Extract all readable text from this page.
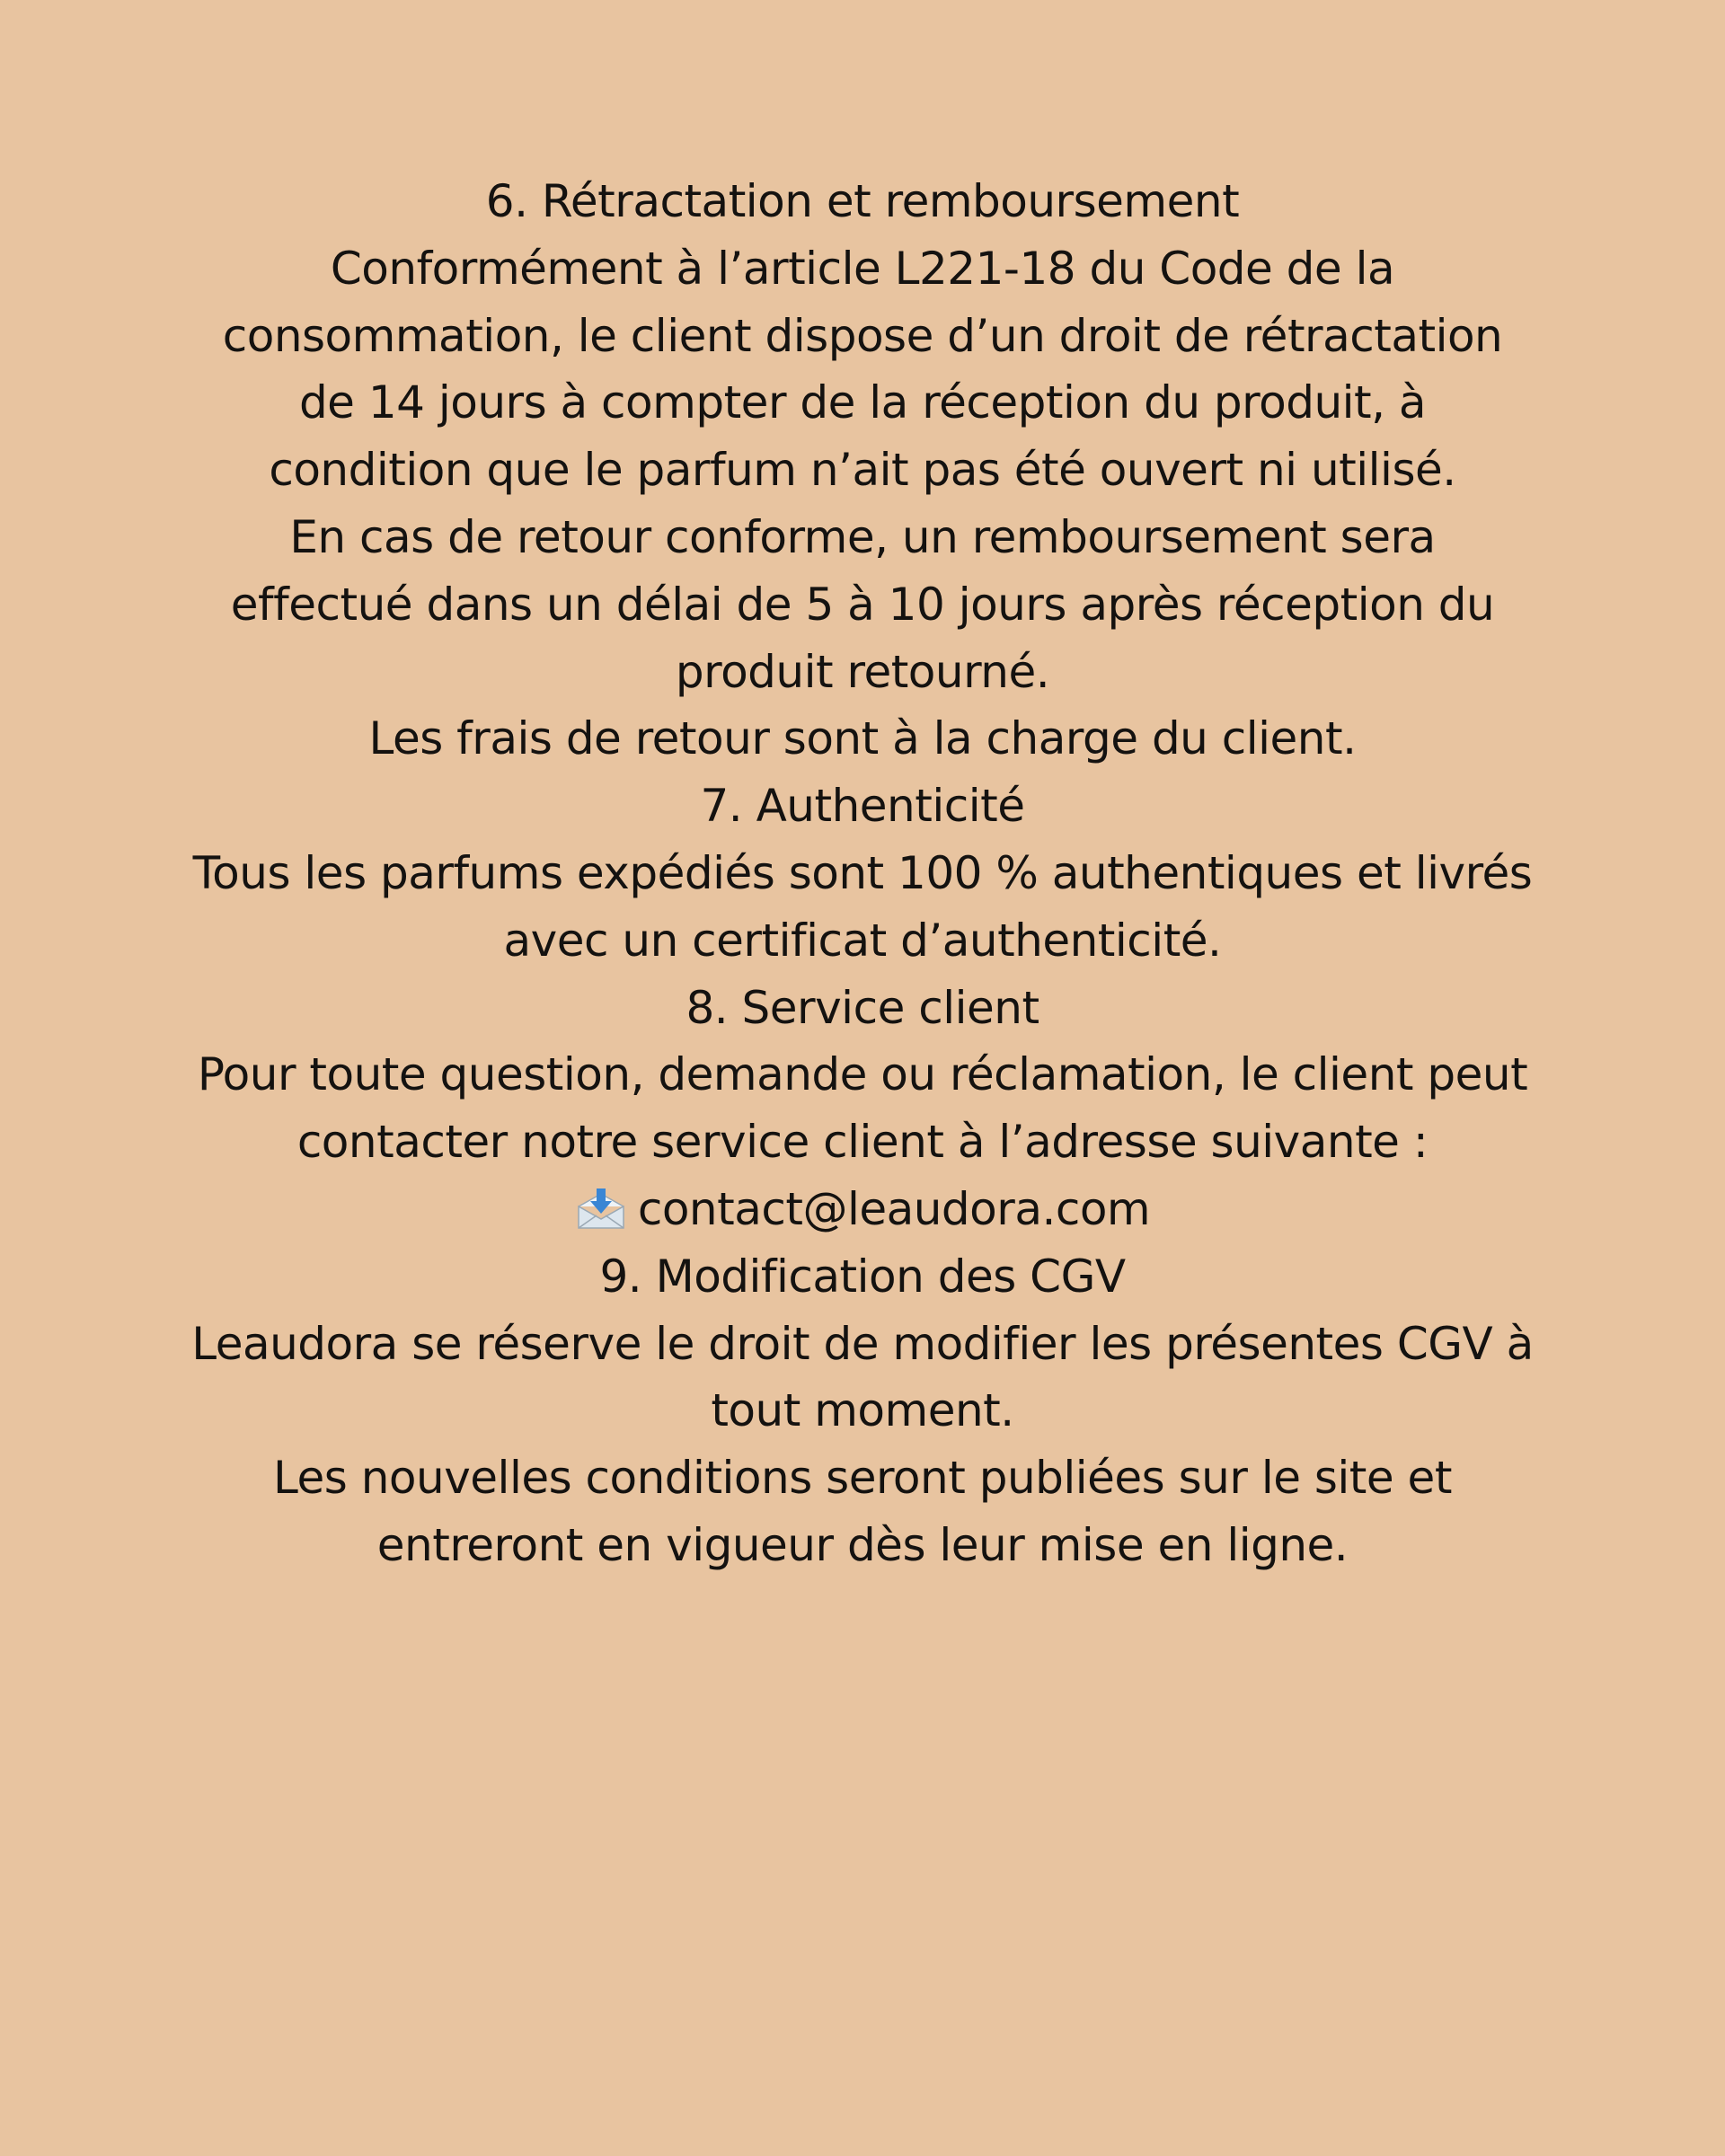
6. Rétractation et remboursement
Conformément à l’article L221-18 du Code de la
consommation, le client dispose d’un droit de rétractation
de 14 jours à compter de la réception du produit, à
condition que le parfum n’ait pas été ouvert ni utilisé.
En cas de retour conforme, un remboursement sera
effectué dans un délai de 5 à 10 jours après réception du
produit retourné.
Les frais de retour sont à la charge du client.
7. Authenticité
Tous les parfums expédiés sont 100 % authentiques et livrés
avec un certificat d’authenticité.
8. Service client
Pour toute question, demande ou réclamation, le client peut
contacter notre service client à l’adresse suivante :
contact@leaudora.com
9. Modification des CGV
Leaudora se réserve le droit de modifier les présentes CGV à
tout moment.
Les nouvelles conditions seront publiées sur le site et
entreront en vigueur dès leur mise en ligne.
